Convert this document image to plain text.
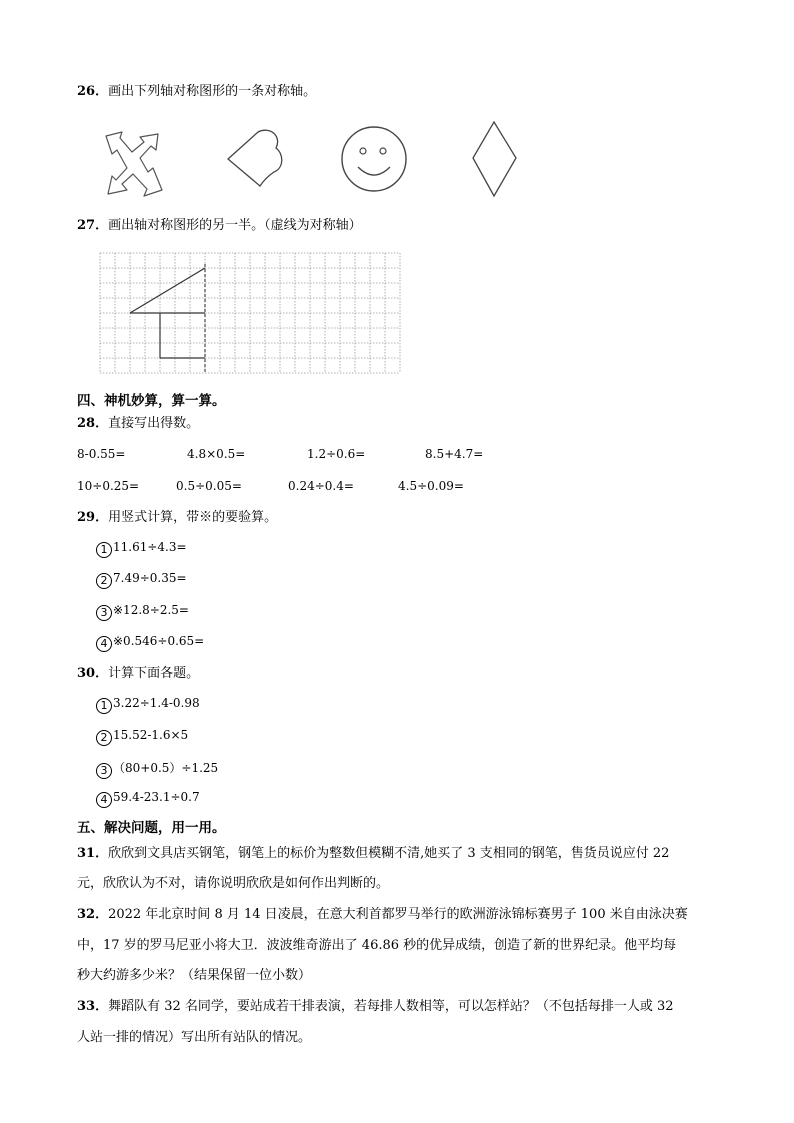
26．画出下列轴对称图形的一条对称轴。
27．画出轴对称图形的另一半。（虚线为对称轴）
四、神机妙算，算一算。
28．直接写出得数。
8-0.55=	4.8×0.5=	1.2÷0.6=	8.5+4.7=
10÷0.25=	0.5÷0.05=	0.24÷0.4=	4.5÷0.09=
29．用竖式计算，带※的要验算。
1 11.61÷4.3=
2 7.49÷0.35=
3 ※12.8÷2.5=
4 ※0.546÷0.65=
30．计算下面各题。
1 3.22÷1.4-0.98
2 15.52-1.6×5
3 （80+0.5）÷1.25
4 59.4-23.1÷0.7
五、解决问题，用一用。
31．欣欣到文具店买钢笔，钢笔上的标价为整数但模糊不清,她买了 3 支相同的钢笔，售货员说应付 22
元，欣欣认为不对，请你说明欣欣是如何作出判断的。
32．2022 年北京时间 8 月 14 日凌晨，在意大利首都罗马举行的欧洲游泳锦标赛男子 100 米自由泳决赛
中，17 岁的罗马尼亚小将大卫．波波维奇游出了 46.86 秒的优异成绩，创造了新的世界纪录。他平均每
秒大约游多少米？（结果保留一位小数）
33．舞蹈队有 32 名同学，要站成若干排表演，若每排人数相等，可以怎样站？（不包括每排一人或 32
人站一排的情况）写出所有站队的情况。
